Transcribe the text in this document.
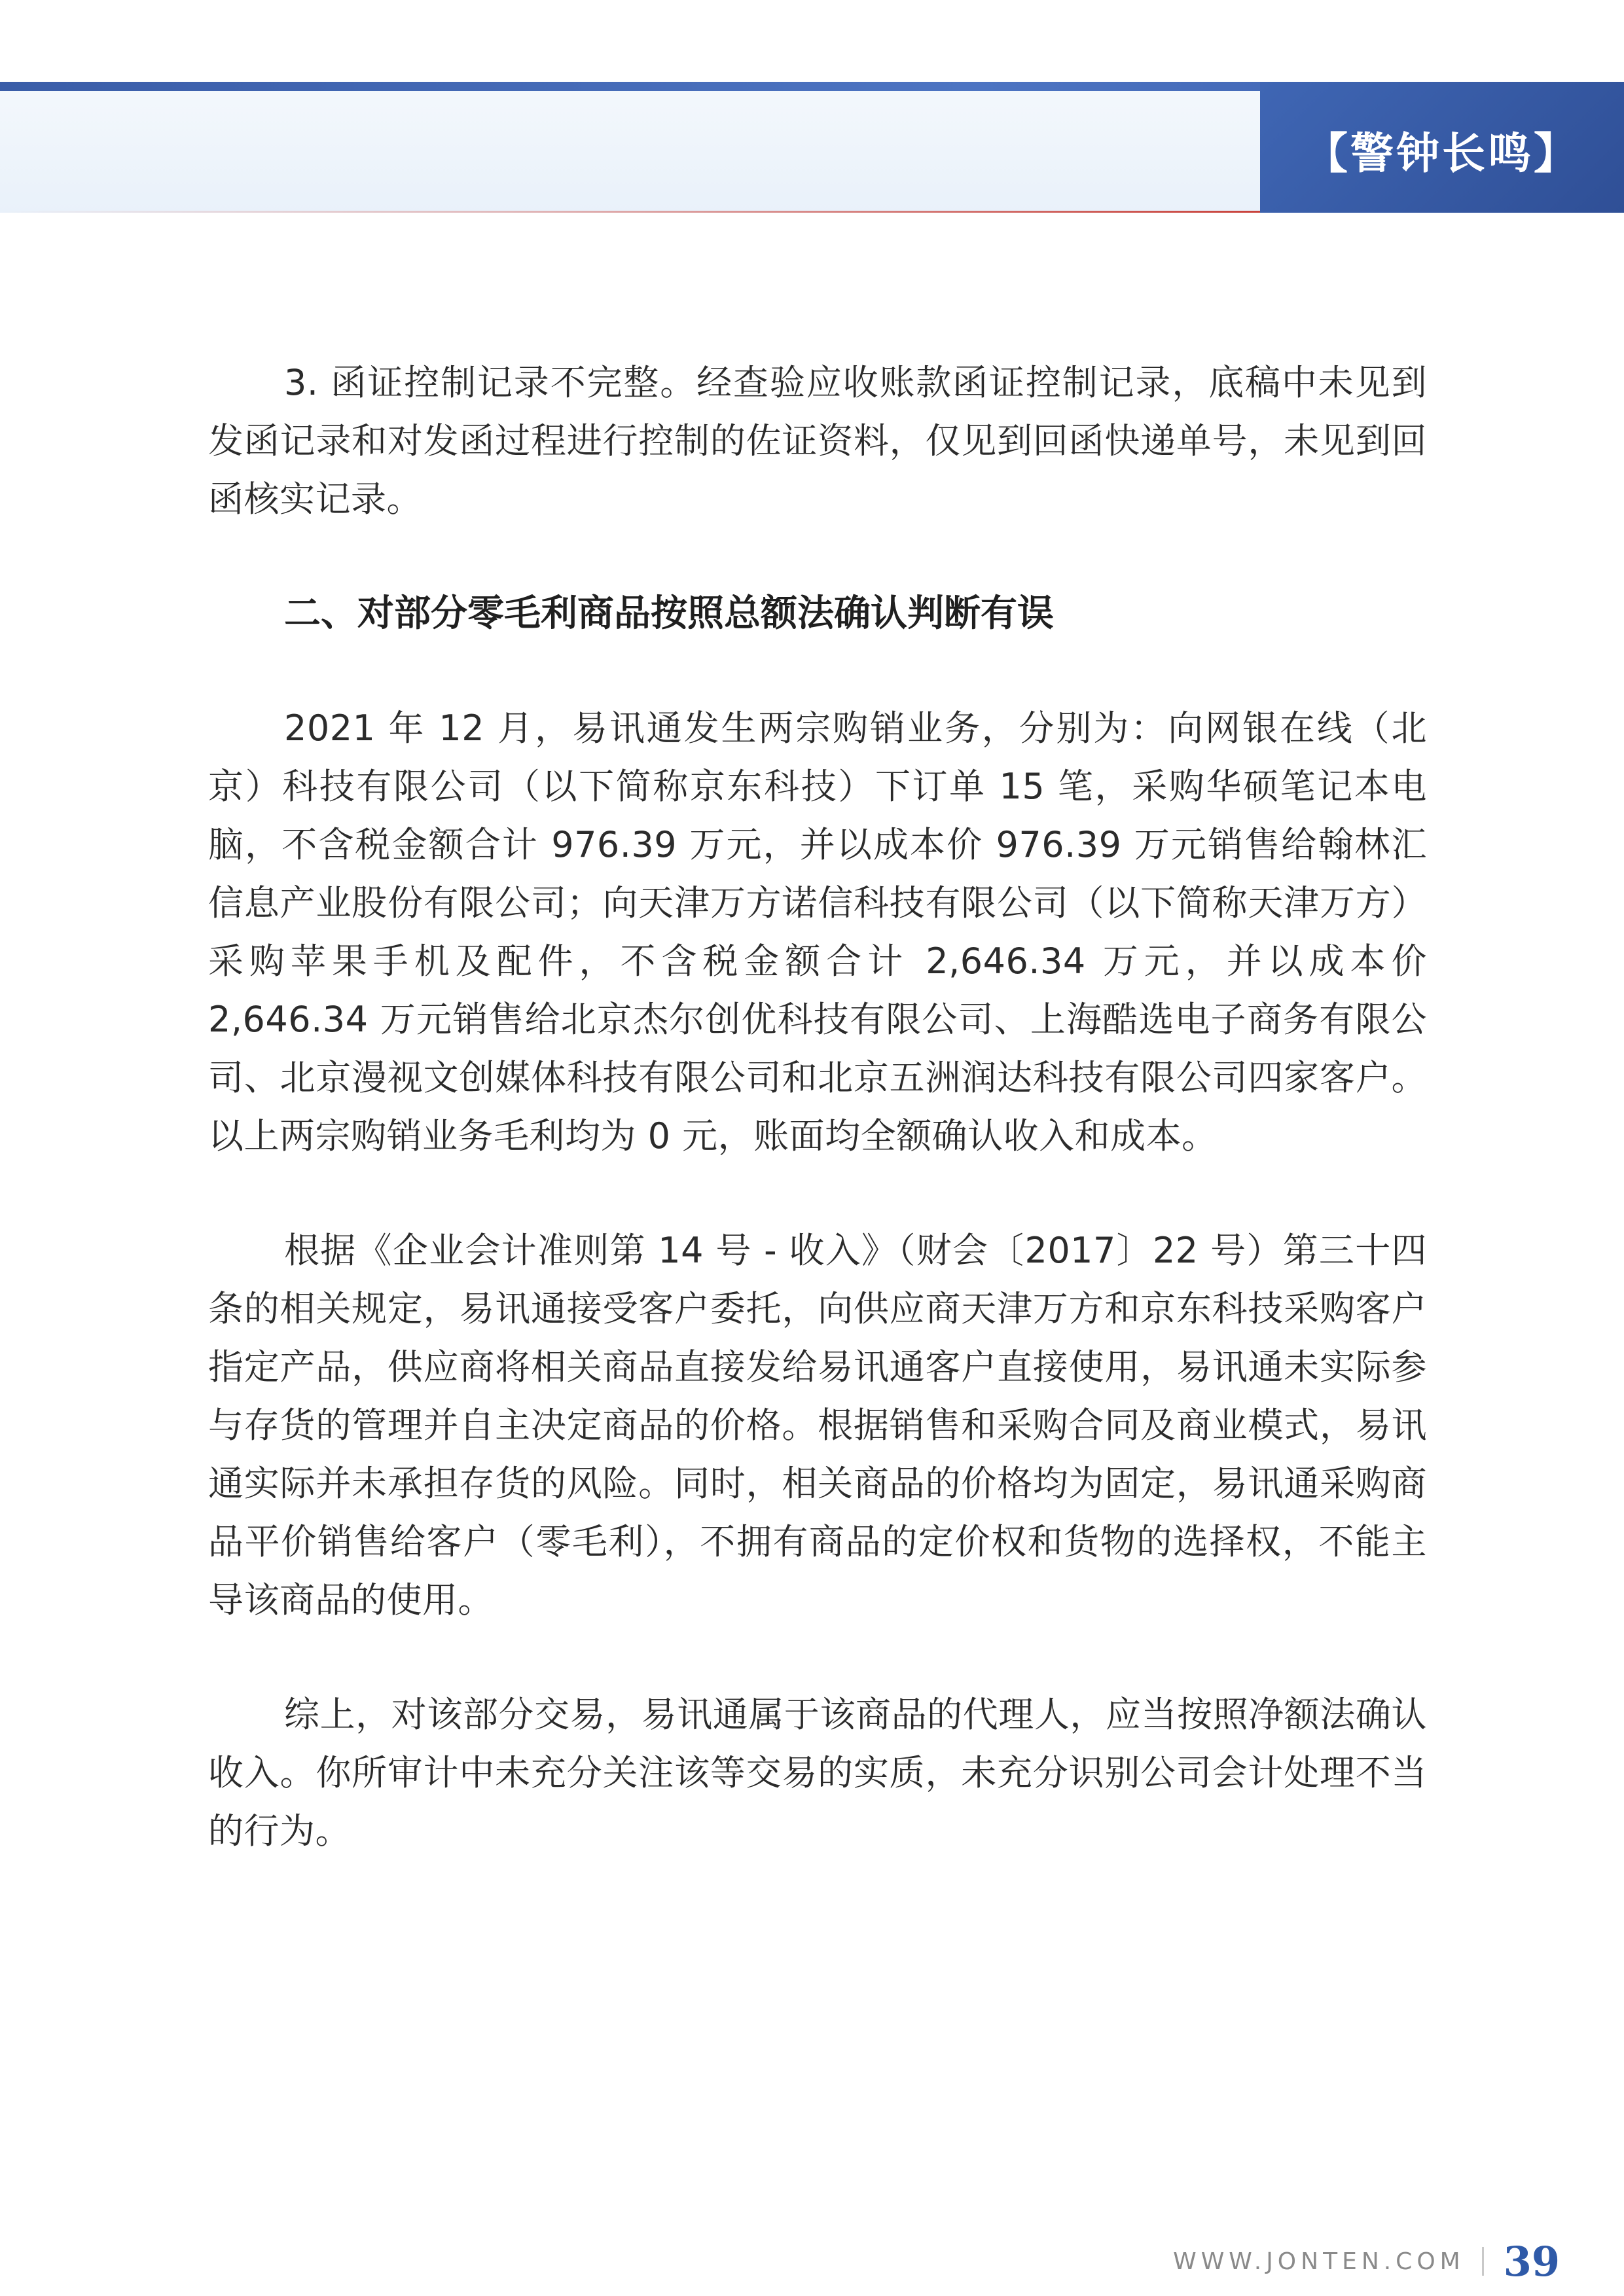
【警钟长鸣】

3. 函证控制记录不完整。经查验应收账款函证控制记录，底稿中未见到发函记录和对发函过程进行控制的佐证资料，仅见到回函快递单号，未见到回函核实记录。

二、对部分零毛利商品按照总额法确认判断有误

2021 年 12 月，易讯通发生两宗购销业务，分别为：向网银在线（北京）科技有限公司（以下简称京东科技）下订单 15 笔，采购华硕笔记本电脑，不含税金额合计 976.39 万元，并以成本价 976.39 万元销售给翰林汇信息产业股份有限公司；向天津万方诺信科技有限公司（以下简称天津万方）采购苹果手机及配件，不含税金额合计 2,646.34 万元，并以成本价 2,646.34 万元销售给北京杰尔创优科技有限公司、上海酷选电子商务有限公司、北京漫视文创媒体科技有限公司和北京五洲润达科技有限公司四家客户。以上两宗购销业务毛利均为 0 元，账面均全额确认收入和成本。

根据《企业会计准则第 14 号 - 收入》（财会〔2017〕22 号）第三十四条的相关规定，易讯通接受客户委托，向供应商天津万方和京东科技采购客户指定产品，供应商将相关商品直接发给易讯通客户直接使用，易讯通未实际参与存货的管理并自主决定商品的价格。根据销售和采购合同及商业模式，易讯通实际并未承担存货的风险。同时，相关商品的价格均为固定，易讯通采购商品平价销售给客户（零毛利），不拥有商品的定价权和货物的选择权，不能主导该商品的使用。

综上，对该部分交易，易讯通属于该商品的代理人，应当按照净额法确认收入。你所审计中未充分关注该等交易的实质，未充分识别公司会计处理不当的行为。

WWW.JONTEN.COM 39
